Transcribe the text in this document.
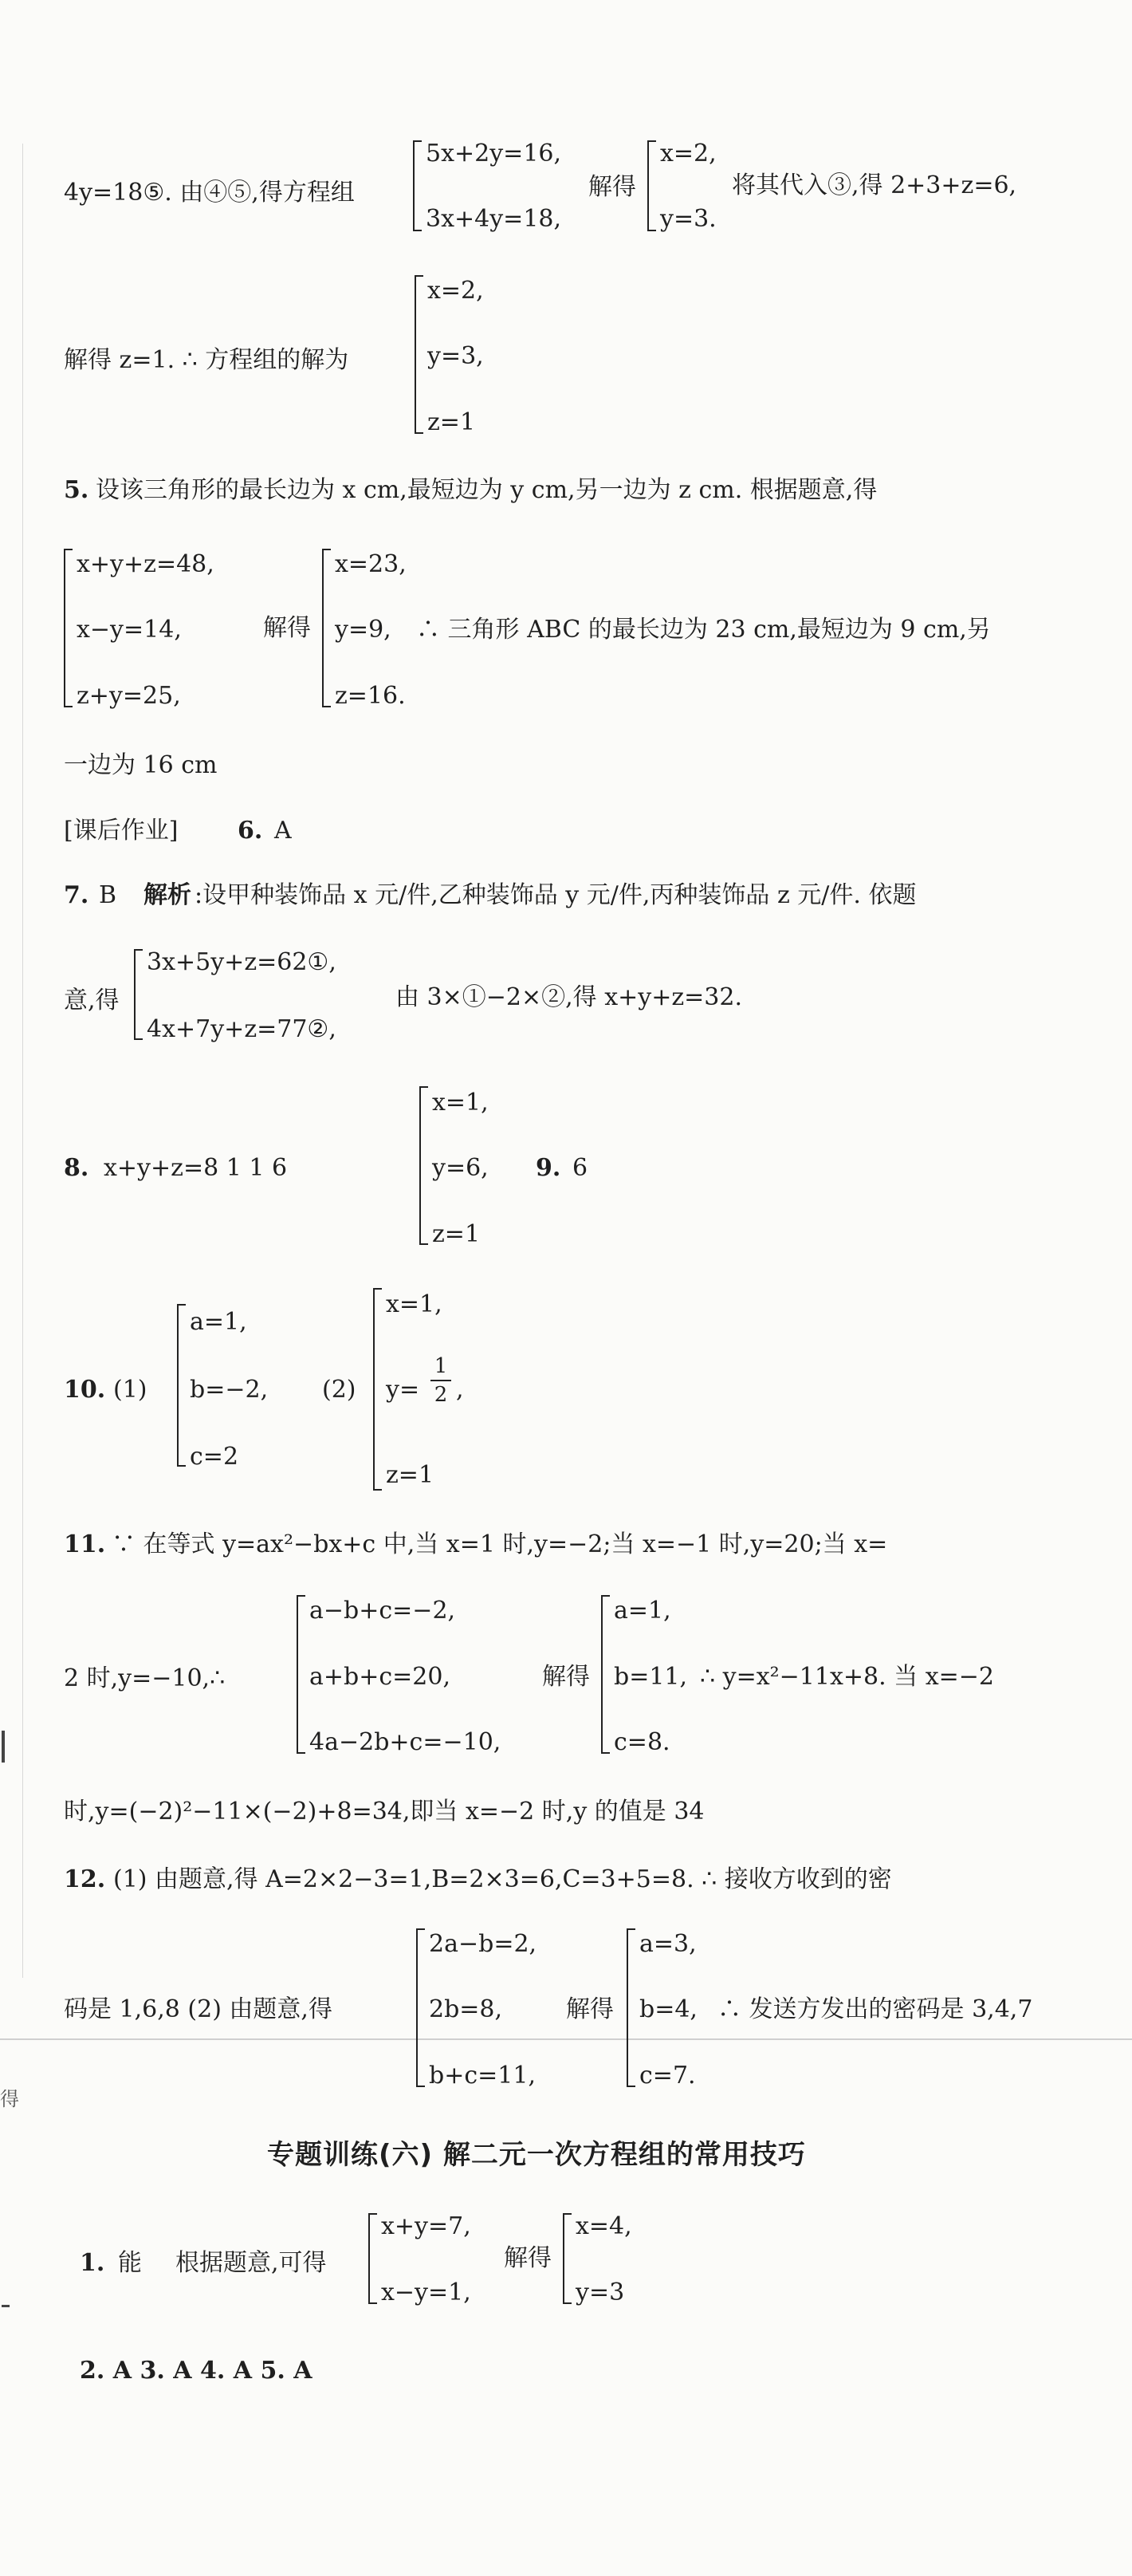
得
4y=18⑤. 由④⑤,得方程组
5x+2y=16,
3x+4y=18,
解得
x=2,
y=3.
将其代入③,得 2+3+z=6,
解得 z=1. ∴ 方程组的解为
x=2,
y=3,
z=1
5. 设该三角形的最长边为 x cm,最短边为 y cm,另一边为 z cm. 根据题意,得
x+y+z=48,
x−y=14,
z+y=25,
解得
x=23,
y=9,
z=16.
∴ 三角形 ABC 的最长边为 23 cm,最短边为 9 cm,另
一边为 16 cm
[课后作业] 6. A
7. B 解析 :设甲种装饰品 x 元/件,乙种装饰品 y 元/件,丙种装饰品 z 元/件. 依题
意,得
3x+5y+z=62①,
4x+7y+z=77②,
由 3×①−2×②,得 x+y+z=32.
8. x+y+z=8 1 1 6
x=1,
y=6,
z=1
9. 6
10. (1)
a=1,
b=−2,
c=2
(2)
x=1,
y=
1
2 ,
z=1
11. ∵ 在等式 y=ax²−bx+c 中,当 x=1 时,y=−2;当 x=−1 时,y=20;当 x=
2 时,y=−10,∴
a−b+c=−2,
a+b+c=20,
4a−2b+c=−10,
解得
a=1,
b=11,
c=8.
∴ y=x²−11x+8. 当 x=−2
时,y=(−2)²−11×(−2)+8=34,即当 x=−2 时,y 的值是 34
12. (1) 由题意,得 A=2×2−3=1,B=2×3=6,C=3+5=8. ∴ 接收方收到的密
码是 1,6,8 (2) 由题意,得
2a−b=2,
2b=8,
b+c=11,
解得
a=3,
b=4,
c=7.
∴ 发送方发出的密码是 3,4,7
专题训练(六) 解二元一次方程组的常用技巧
1. 能 根据题意,可得
x+y=7,
x−y=1,
解得
x=4,
y=3
2. A 3. A 4. A 5. A
